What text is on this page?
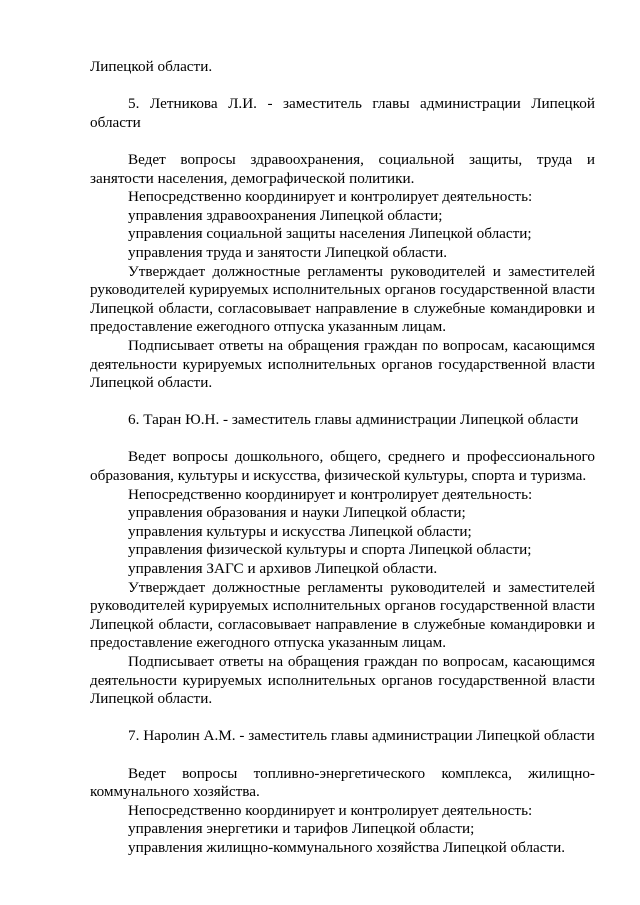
Липецкой области.

5. Летникова Л.И. - заместитель главы администрации Липецкой области

Ведет вопросы здравоохранения, социальной защиты, труда и занятости населения, демографической политики.

Непосредственно координирует и контролирует деятельность:

управления здравоохранения Липецкой области;

управления социальной защиты населения Липецкой области;

управления труда и занятости Липецкой области.

Утверждает должностные регламенты руководителей и заместителей руководителей курируемых исполнительных органов государственной власти Липецкой области, согласовывает направление в служебные командировки и предоставление ежегодного отпуска указанным лицам.

Подписывает ответы на обращения граждан по вопросам, касающимся деятельности курируемых исполнительных органов государственной власти Липецкой области.

6. Таран Ю.Н. - заместитель главы администрации Липецкой области

Ведет вопросы дошкольного, общего, среднего и профессионального образования, культуры и искусства, физической культуры, спорта и туризма.

Непосредственно координирует и контролирует деятельность:

управления образования и науки Липецкой области;

управления культуры и искусства Липецкой области;

управления физической культуры и спорта Липецкой области;

управления ЗАГС и архивов Липецкой области.

Утверждает должностные регламенты руководителей и заместителей руководителей курируемых исполнительных органов государственной власти Липецкой области, согласовывает направление в служебные командировки и предоставление ежегодного отпуска указанным лицам.

Подписывает ответы на обращения граждан по вопросам, касающимся деятельности курируемых исполнительных органов государственной власти Липецкой области.

7. Наролин А.М. - заместитель главы администрации Липецкой области

Ведет вопросы топливно-энергетического комплекса, жилищно-коммунального хозяйства.

Непосредственно координирует и контролирует деятельность:

управления энергетики и тарифов Липецкой области;

управления жилищно-коммунального хозяйства Липецкой области.
